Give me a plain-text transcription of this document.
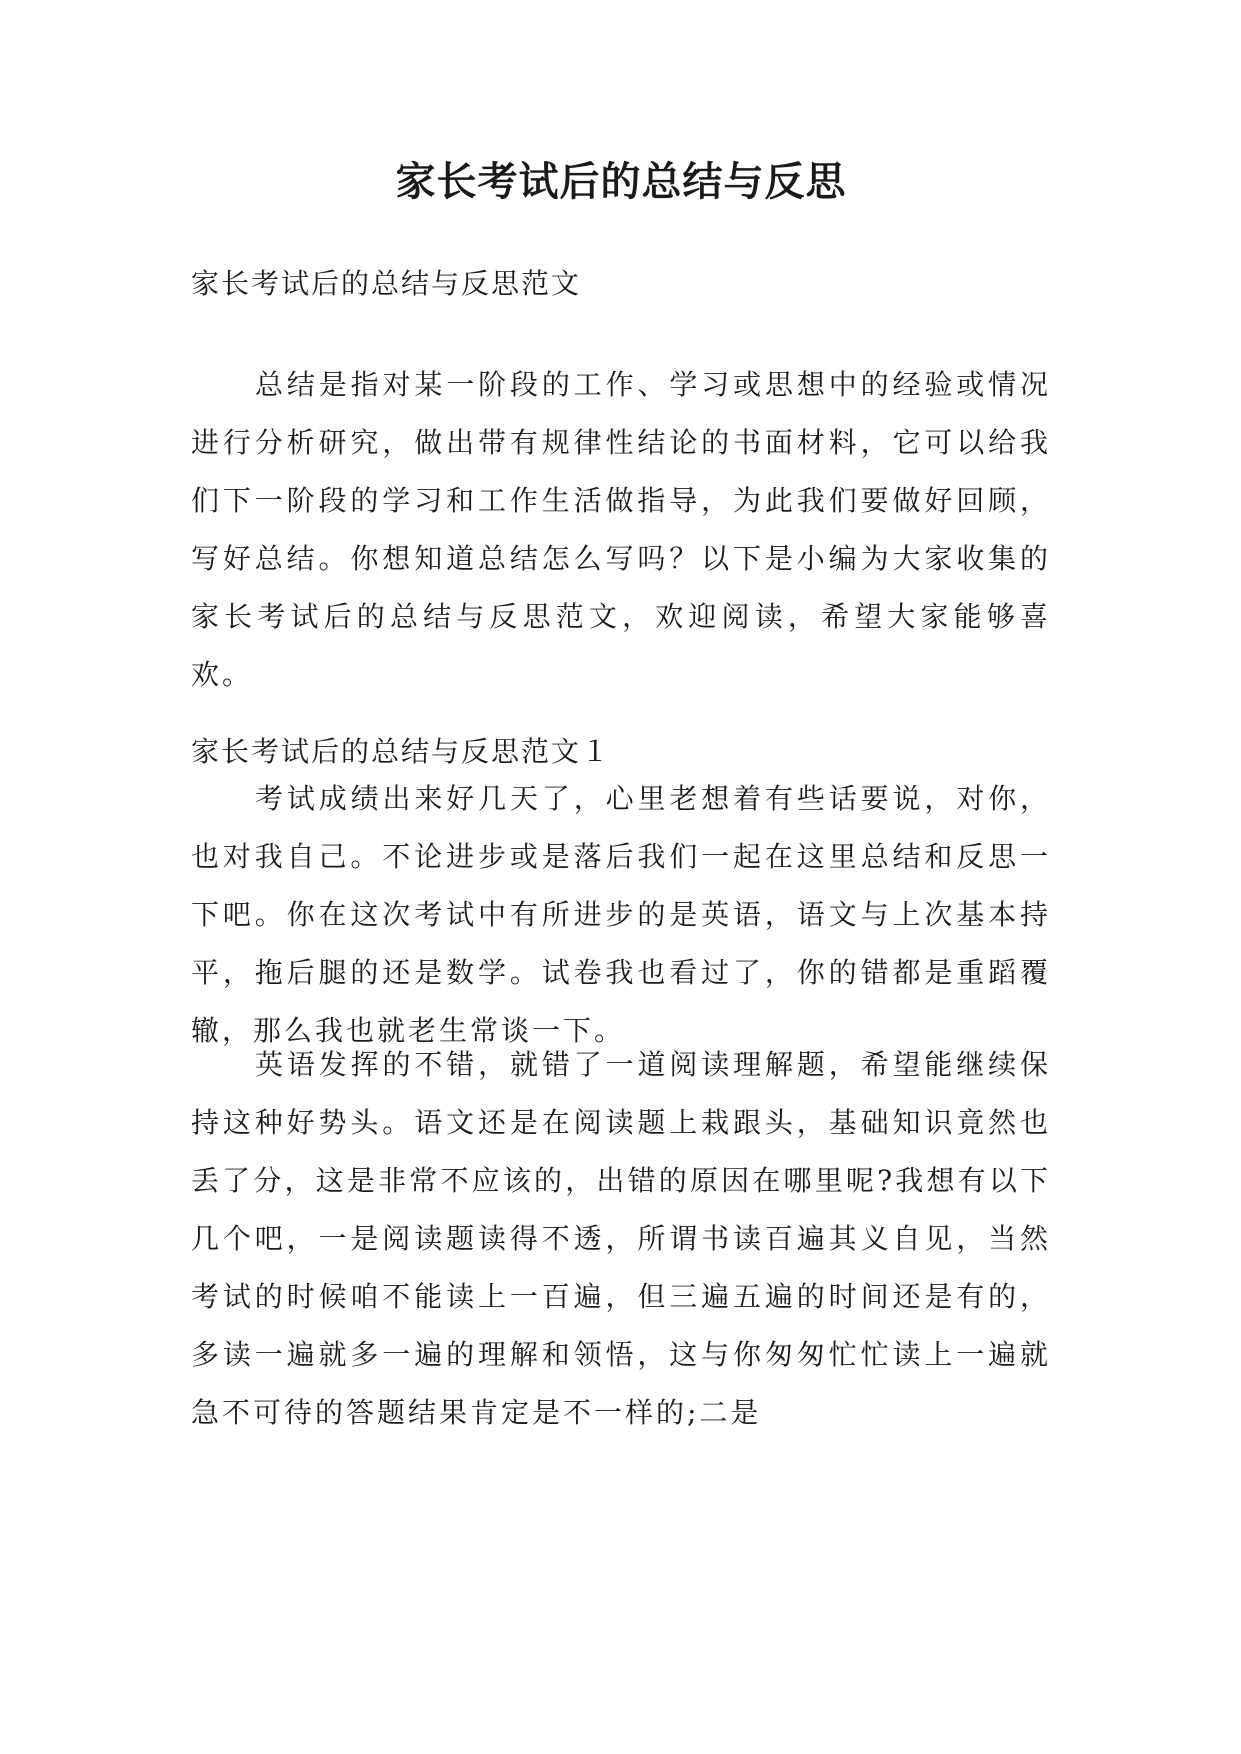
家长考试后的总结与反思

家长考试后的总结与反思范文

总结是指对某一阶段的工作、学习或思想中的经验或情况进行分析研究，做出带有规律性结论的书面材料，它可以给我们下一阶段的学习和工作生活做指导，为此我们要做好回顾，写好总结。你想知道总结怎么写吗？以下是小编为大家收集的家长考试后的总结与反思范文，欢迎阅读，希望大家能够喜欢。

家长考试后的总结与反思范文１

考试成绩出来好几天了，心里老想着有些话要说，对你，也对我自己。不论进步或是落后我们一起在这里总结和反思一下吧。你在这次考试中有所进步的是英语，语文与上次基本持平，拖后腿的还是数学。试卷我也看过了，你的错都是重蹈覆辙，那么我也就老生常谈一下。

英语发挥的不错，就错了一道阅读理解题，希望能继续保持这种好势头。语文还是在阅读题上栽跟头，基础知识竟然也丢了分，这是非常不应该的，出错的原因在哪里呢?我想有以下几个吧，一是阅读题读得不透，所谓书读百遍其义自见，当然考试的时候咱不能读上一百遍，但三遍五遍的时间还是有的，多读一遍就多一遍的理解和领悟，这与你匆匆忙忙读上一遍就急不可待的答题结果肯定是不一样的;二是
